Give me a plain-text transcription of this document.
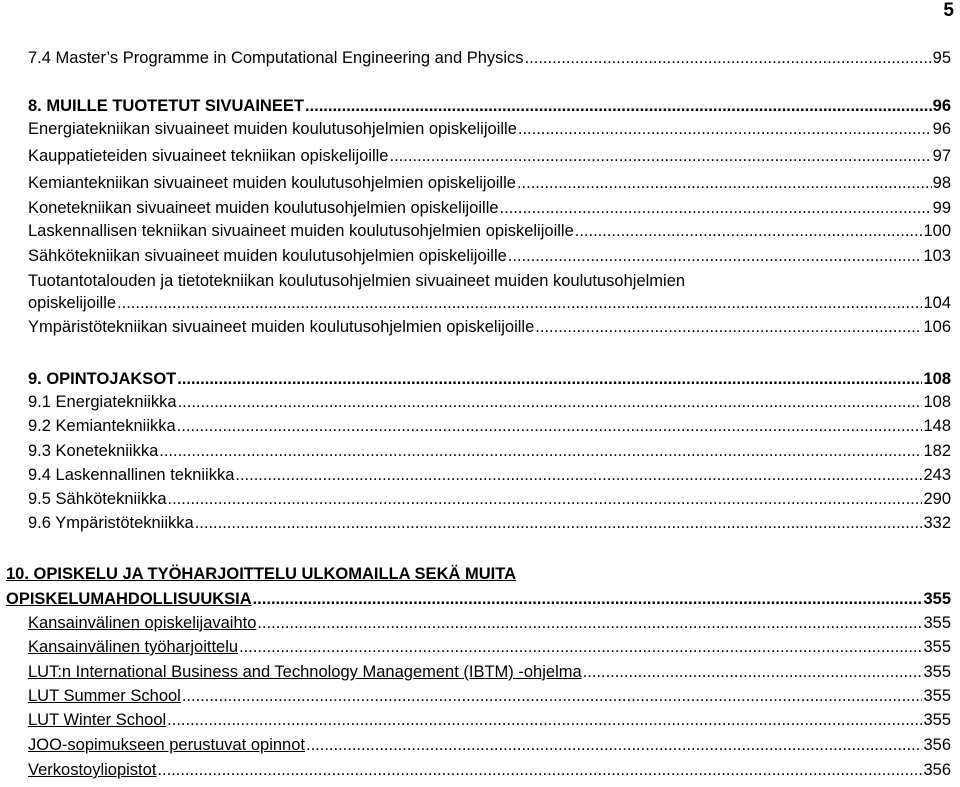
5
7.4 Master’s Programme in Computational Engineering and Physics .....	95
8. MUILLE TUOTETUT SIVUAINEET .....	96
Energiatekniikan sivuaineet muiden koulutusohjelmien opiskelijoille .....	96
Kauppatieteiden sivuaineet tekniikan opiskelijoille .....	97
Kemiantekniikan sivuaineet muiden koulutusohjelmien opiskelijoille .....	98
Konetekniikan sivuaineet muiden koulutusohjelmien opiskelijoille .....	99
Laskennallisen tekniikan sivuaineet muiden koulutusohjelmien opiskelijoille .....	100
Sähkötekniikan sivuaineet muiden koulutusohjelmien opiskelijoille .....	103
Tuotantotalouden ja tietotekniikan koulutusohjelmien sivuaineet muiden koulutusohjelmien
opiskelijoille .....	104
Ympäristötekniikan sivuaineet muiden koulutusohjelmien opiskelijoille .....	106
9. OPINTOJAKSOT .....	108
9.1 Energiatekniikka .....	108
9.2 Kemiantekniikka .....	148
9.3 Konetekniikka .....	182
9.4 Laskennallinen tekniikka .....	243
9.5 Sähkötekniikka .....	290
9.6 Ympäristötekniikka .....	332
10. OPISKELU JA TYÖHARJOITTELU ULKOMAILLA SEKÄ MUITA
OPISKELUMAHDOLLISUUKSIA .....	355
Kansainvälinen opiskelijavaihto .....	355
Kansainvälinen työharjoittelu .....	355
LUT:n International Business and Technology Management (IBTM) -ohjelma .....	355
LUT Summer School .....	355
LUT Winter School .....	355
JOO-sopimukseen perustuvat opinnot .....	356
Verkostoyliopistot .....	356
